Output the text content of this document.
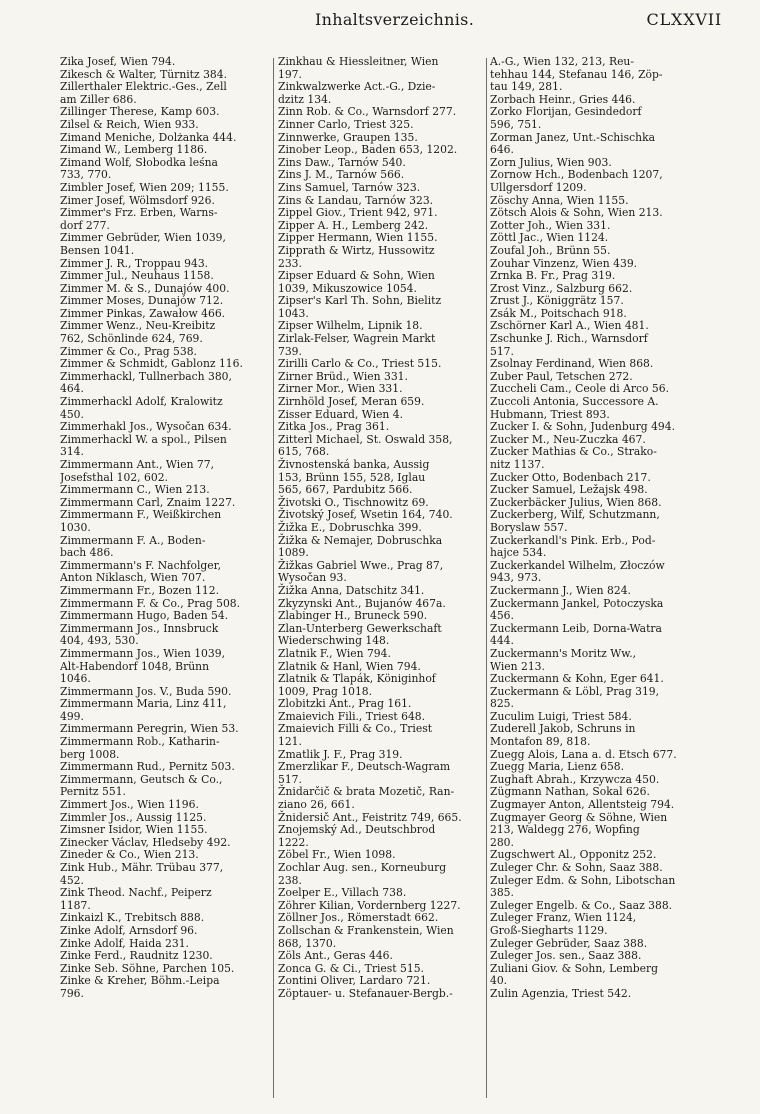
Inhaltsverzeichnis.	CLXXVII
Zika Josef, Wien 794.
Zikesch & Walter, Türnitz 384.
Zillerthaler Elektric.-Ges., Zell
am Ziller 686.
Zillinger Therese, Kamp 603.
Zilsel & Reich, Wien 933.
Zimand Meniche, Dolżanka 444.
Zimand W., Lemberg 1186.
Zimand Wolf, Słobodka leśna
733, 770.
Zimbler Josef, Wien 209; 1155.
Zimer Josef, Wölmsdorf 926.
Zimmer's Frz. Erben, Warns-
dorf 277.
Zimmer Gebrüder, Wien 1039,
Bensen 1041.
Zimmer J. R., Troppau 943.
Zimmer Jul., Neuhaus 1158.
Zimmer M. & S., Dunajów 400.
Zimmer Moses, Dunajów 712.
Zimmer Pinkas, Zawałow 466.
Zimmer Wenz., Neu-Kreibitz
762, Schönlinde 624, 769.
Zimmer & Co., Prag 538.
Zimmer & Schmidt, Gablonz 116.
Zimmerhackl, Tullnerbach 380,
464.
Zimmerhackl Adolf, Kralowitz
450.
Zimmerhakl Jos., Wysočan 634.
Zimmerhackl W. a spol., Pilsen
314.
Zimmermann Ant., Wien 77,
Josefsthal 102, 602.
Zimmermann C., Wien 213.
Zimmermann Carl, Znaim 1227.
Zimmermann F., Weißkirchen
1030.
Zimmermann F. A., Boden-
bach 486.
Zimmermann's F. Nachfolger,
Anton Niklasch, Wien 707.
Zimmermann Fr., Bozen 112.
Zimmermann F. & Co., Prag 508.
Zimmermann Hugo, Baden 54.
Zimmermann Jos., Innsbruck
404, 493, 530.
Zimmermann Jos., Wien 1039,
Alt-Habendorf 1048, Brünn
1046.
Zimmermann Jos. V., Buda 590.
Zimmermann Maria, Linz 411,
499.
Zimmermann Peregrin, Wien 53.
Zimmermann Rob., Katharin-
berg 1008.
Zimmermann Rud., Pernitz 503.
Zimmermann, Geutsch & Co.,
Pernitz 551.
Zimmert Jos., Wien 1196.
Zimmler Jos., Aussig 1125.
Zimsner Isidor, Wien 1155.
Zinecker Václav, Hledseby 492.
Zineder & Co., Wien 213.
Zink Hub., Mähr. Trübau 377,
452.
Zink Theod. Nachf., Peiperz
1187.
Zinkaizl K., Trebitsch 888.
Zinke Adolf, Arnsdorf 96.
Zinke Adolf, Haida 231.
Zinke Ferd., Raudnitz 1230.
Zinke Seb. Söhne, Parchen 105.
Zinke & Kreher, Böhm.-Leipa
796.
Zinkhau & Hiessleitner, Wien
197.
Zinkwalzwerke Act.-G., Dzie-
dzitz 134.
Zinn Rob. & Co., Warnsdorf 277.
Zinner Carlo, Triest 325.
Zinnwerke, Graupen 135.
Zinober Leop., Baden 653, 1202.
Zins Daw., Tarnów 540.
Zins J. M., Tarnów 566.
Zins Samuel, Tarnów 323.
Zins & Landau, Tarnów 323.
Zippel Giov., Trient 942, 971.
Zipper A. H., Lemberg 242.
Zipper Hermann, Wien 1155.
Zipprath & Wirtz, Hussowitz
233.
Zipser Eduard & Sohn, Wien
1039, Mikuszowice 1054.
Zipser's Karl Th. Sohn, Bielitz
1043.
Zipser Wilhelm, Lipnik 18.
Zirlak-Felser, Wagrein Markt
739.
Zirilli Carlo & Co., Triest 515.
Zirner Brüd., Wien 331.
Zirner Mor., Wien 331.
Zirnhöld Josef, Meran 659.
Zisser Eduard, Wien 4.
Zitka Jos., Prag 361.
Zitterl Michael, St. Oswald 358,
615, 768.
Živnostenská banka, Aussig
153, Brünn 155, 528, Iglau
565, 667, Pardubitz 566.
Životski O., Tischnowitz 69.
Životský Josef, Wsetin 164, 740.
Žižka E., Dobruschka 399.
Žižka & Nemajer, Dobruschka
1089.
Žižkas Gabriel Wwe., Prag 87,
Wysočan 93.
Žižka Anna, Datschitz 341.
Zkyzynski Ant., Bujanów 467a.
Zlabinger H., Bruneck 590.
Zlan-Unterberg Gewerkschaft
Wiederschwing 148.
Zlatnik F., Wien 794.
Zlatnik & Hanl, Wien 794.
Zlatnik & Tlapák, Königinhof
1009, Prag 1018.
Zlobitzki Ant., Prag 161.
Zmaievich Fili., Triest 648.
Zmaievich Filli & Co., Triest
121.
Zmatlik J. F., Prag 319.
Zmerzlikar F., Deutsch-Wagram
517.
Žnidarčič & brata Mozetič, Ran-
ziano 26, 661.
Žnidersič Ant., Feistritz 749, 665.
Znojemský Ad., Deutschbrod
1222.
Zöbel Fr., Wien 1098.
Zochlar Aug. sen., Korneuburg
238.
Zoelper E., Villach 738.
Zöhrer Kilian, Vordernberg 1227.
Zöllner Jos., Römerstadt 662.
Zollschan & Frankenstein, Wien
868, 1370.
Zöls Ant., Geras 446.
Zonca G. & Ci., Triest 515.
Zontini Oliver, Lardaro 721.
Zöptauer- u. Stefanauer-Bergb.-
A.-G., Wien 132, 213, Reu-
tehhau 144, Stefanau 146, Zöp-
tau 149, 281.
Zorbach Heinr., Gries 446.
Zorko Florijan, Gesindedorf
596, 751.
Zorman Janez, Unt.-Schischka
646.
Zorn Julius, Wien 903.
Zornow Hch., Bodenbach 1207,
Ullgersdorf 1209.
Zöschy Anna, Wien 1155.
Zötsch Alois & Sohn, Wien 213.
Zotter Joh., Wien 331.
Zöttl Jac., Wien 1124.
Zoufal Joh., Brünn 55.
Zouhar Vinzenz, Wien 439.
Zrnka B. Fr., Prag 319.
Zrost Vinz., Salzburg 662.
Zrust J., Königgrätz 157.
Zsák M., Poitschach 918.
Zschörner Karl A., Wien 481.
Zschunke J. Rich., Warnsdorf
517.
Zsolnay Ferdinand, Wien 868.
Zuber Paul, Tetschen 272.
Zuccheli Cam., Ceole di Arco 56.
Zuccoli Antonia, Successore A.
Hubmann, Triest 893.
Zucker I. & Sohn, Judenburg 494.
Zucker M., Neu-Zuczka 467.
Zucker Mathias & Co., Strako-
nitz 1137.
Zucker Otto, Bodenbach 217.
Zucker Samuel, Ležajsk 498.
Zuckerbäcker Julius, Wien 868.
Zuckerberg, Wilf, Schutzmann,
Boryslaw 557.
Zuckerkandl's Pink. Erb., Pod-
hajce 534.
Zuckerkandel Wilhelm, Złoczów
943, 973.
Zuckermann J., Wien 824.
Zuckermann Jankel, Potoczyska
456.
Zuckermann Leib, Dorna-Watra
444.
Zuckermann's Moritz Ww.,
Wien 213.
Zuckermann & Kohn, Eger 641.
Zuckermann & Löbl, Prag 319,
825.
Zuculim Luigi, Triest 584.
Zuderell Jakob, Schruns in
Montafon 89, 818.
Zuegg Alois, Lana a. d. Etsch 677.
Zuegg Maria, Lienz 658.
Zughaft Abrah., Krzywcza 450.
Zügmann Nathan, Sokal 626.
Zugmayer Anton, Allentsteig 794.
Zugmayer Georg & Söhne, Wien
213, Waldegg 276, Wopfing
280.
Zugschwert Al., Opponitz 252.
Zuleger Chr. & Sohn, Saaz 388.
Zuleger Edm. & Sohn, Libotschan
385.
Zuleger Engelb. & Co., Saaz 388.
Zuleger Franz, Wien 1124,
Groß-Siegharts 1129.
Zuleger Gebrüder, Saaz 388.
Zuleger Jos. sen., Saaz 388.
Zuliani Giov. & Sohn, Lemberg
40.
Zulin Agenzia, Triest 542.
